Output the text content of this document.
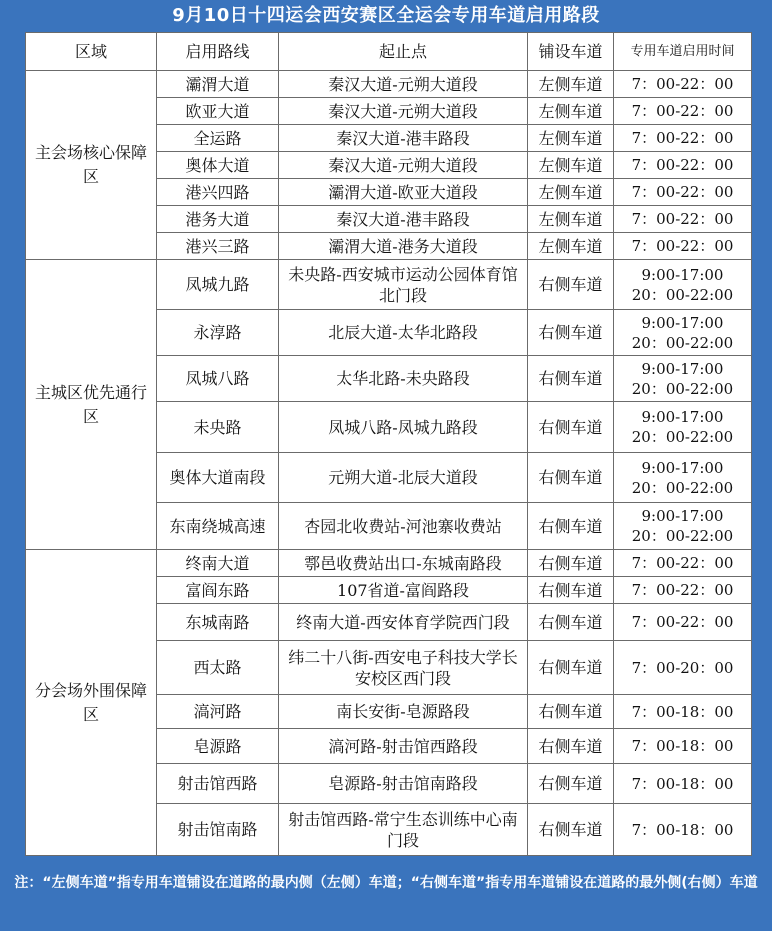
9月10日十四运会西安赛区全运会专用车道启用路段
区域	启用路线	起止点	铺设车道	专用车道启用时间
主会场核心保障区	灞渭大道	秦汉大道-元朔大道段	左侧车道	7：00-22：00

	欧亚大道	秦汉大道-元朔大道段	左侧车道	7：00-22：00

	全运路	秦汉大道-港丰路段	左侧车道	7：00-22：00

	奥体大道	秦汉大道-元朔大道段	左侧车道	7：00-22：00

	港兴四路	灞渭大道-欧亚大道段	左侧车道	7：00-22：00

	港务大道	秦汉大道-港丰路段	左侧车道	7：00-22：00

	港兴三路	灞渭大道-港务大道段	左侧车道	7：00-22：00

主城区优先通行区	凤城九路	未央路-西安城市运动公园体育馆北门段	右侧车道	9:00-17:00
20：00-22:00

	永淳路	北辰大道-太华北路段	右侧车道	9:00-17:00
20：00-22:00

	凤城八路	太华北路-未央路段	右侧车道	9:00-17:00
20：00-22:00

	未央路	凤城八路-凤城九路段	右侧车道	9:00-17:00
20：00-22:00

	奥体大道南段	元朔大道-北辰大道段	右侧车道	9:00-17:00
20：00-22:00

	东南绕城高速	杏园北收费站-河池寨收费站	右侧车道	9:00-17:00
20：00-22:00

分会场外围保障区	终南大道	鄠邑收费站出口-东城南路段	右侧车道	7：00-22：00

	富阎东路	107省道-富阎路段	右侧车道	7：00-22：00

	东城南路	终南大道-西安体育学院西门段	右侧车道	7：00-22：00

	西太路	纬二十八街-西安电子科技大学长安校区西门段	右侧车道	7：00-20：00

	滈河路	南长安街-皂源路段	右侧车道	7：00-18：00

	皂源路	滈河路-射击馆西路段	右侧车道	7：00-18：00

	射击馆西路	皂源路-射击馆南路段	右侧车道	7：00-18：00

	射击馆南路	射击馆西路-常宁生态训练中心南门段	右侧车道	7：00-18：00
注：“左侧车道”指专用车道铺设在道路的最内侧（左侧）车道；“右侧车道”指专用车道铺设在道路的最外侧(右侧）车道
